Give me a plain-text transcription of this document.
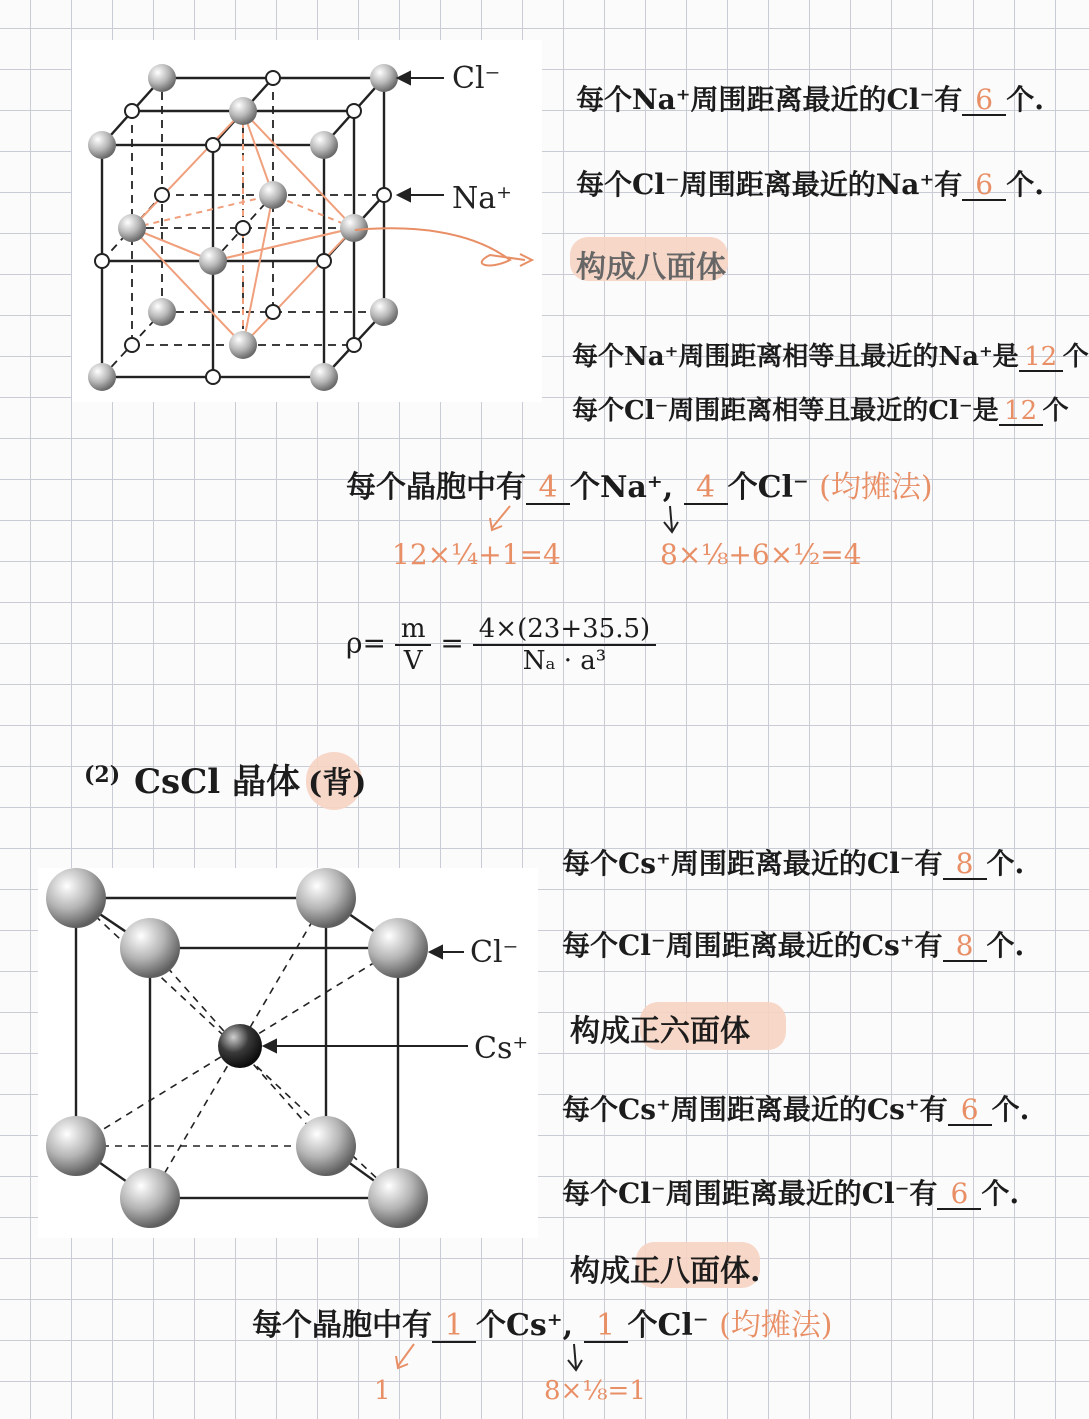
Cl⁻
Na⁺
每个Na⁺周围距离最近的Cl⁻有 6 个.
每个Cl⁻周围距离最近的Na⁺有 6 个.
构成八面体
每个Na⁺周围距离相等且最近的Na⁺是 12 个
每个Cl⁻周围距离相等且最近的Cl⁻是 12 个
每个晶胞中有 4 个Na⁺, 4 个Cl⁻ (均摊法)
12×¼+1=4	8×⅛+6×½=4
$\rho= \frac{m}{V} = \frac{4\times(23+35.5)}{\text{Nₐ · a³}}$
(2) CsCl 晶体 (背)
Cl⁻
Cs⁺
每个Cs⁺周围距离最近的Cl⁻有 8 个.
每个Cl⁻周围距离最近的Cs⁺有 8 个.
构成正六面体
每个Cs⁺周围距离最近的Cs⁺有 6 个.
每个Cl⁻周围距离最近的Cl⁻有 6 个.
构成正八面体.
每个晶胞中有 1 个Cs⁺, 1 个Cl⁻ (均摊法)
1	8×⅛=1
